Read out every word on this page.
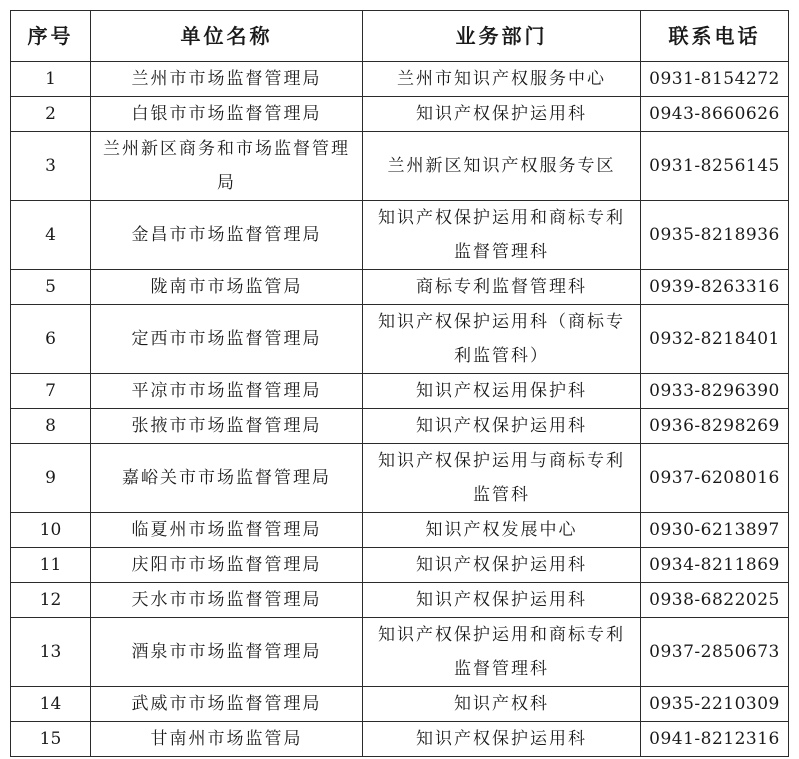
序号	单位名称	业务部门	联系电话
1	兰州市市场监督管理局	兰州市知识产权服务中心	0931-8154272
2	白银市市场监督管理局	知识产权保护运用科	0943-8660626
3	兰州新区商务和市场监督管理局	兰州新区知识产权服务专区	0931-8256145
4	金昌市市场监督管理局	知识产权保护运用和商标专利监督管理科	0935-8218936
5	陇南市市场监管局	商标专利监督管理科	0939-8263316
6	定西市市场监督管理局	知识产权保护运用科（商标专利监管科）	0932-8218401
7	平凉市市场监督管理局	知识产权运用保护科	0933-8296390
8	张掖市市场监督管理局	知识产权保护运用科	0936-8298269
9	嘉峪关市市场监督管理局	知识产权保护运用与商标专利监管科	0937-6208016
10	临夏州市场监督管理局	知识产权发展中心	0930-6213897
11	庆阳市市场监督管理局	知识产权保护运用科	0934-8211869
12	天水市市场监督管理局	知识产权保护运用科	0938-6822025
13	酒泉市市场监督管理局	知识产权保护运用和商标专利监督管理科	0937-2850673
14	武威市市场监督管理局	知识产权科	0935-2210309
15	甘南州市场监管局	知识产权保护运用科	0941-8212316
